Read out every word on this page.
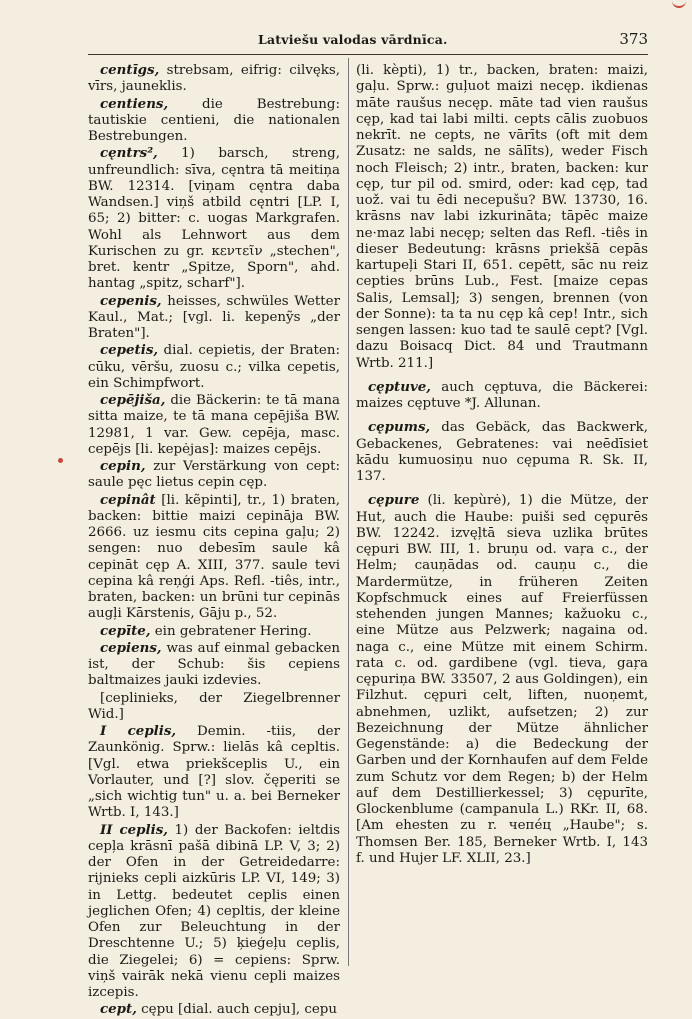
Latviešu valodas vārdnīca.	373

centīgs, strebsam, eifrig: cilvęks, vīrs, jauneklis.

centiens, die Bestrebung: tautiskie centieni, die nationalen Bestrebungen.

cęntrs², 1) barsch, streng, unfreundlich: sīva, cęntra tā meitiņa BW. 12314. [viņam cęntra daba Wandsen.] viņš atbild cęntri [LP. I, 65; 2) bitter: c. uogas Markgrafen. Wohl als Lehnwort aus dem Kurischen zu gr. κεντεῖν „stechen", bret. kentr „Spitze, Sporn", ahd. hantag „spitz, scharf"].

cepenis, heisses, schwüles Wetter Kaul., Mat.; [vgl. li. kepenỹs „der Braten"].

cepetis, dial. cepietis, der Braten: cūku, vēršu, zuosu c.; vilka cepetis, ein Schimpfwort.

cepējiša, die Bäckerin: te tā mana sitta maize, te tā mana cepējiša BW. 12981, 1 var. Gew. cepēja, masc. cepējs [li. kepėjas]: maizes cepējs.

cepin, zur Verstärkung von cept: saule pęc lietus cepin cęp.

cepinât [li. kẽpinti], tr., 1) braten, backen: bittie maizi cepināja BW. 2666. uz iesmu cits cepina gaļu; 2) sengen: nuo debesīm saule kâ cepināt cęp A. XIII, 377. saule tevi cepina kâ reņģi Aps. Refl. -tiês, intr., braten, backen: un brūni tur cepinās augļi Kārstenis, Gāju p., 52.

cepīte, ein gebratener Hering.

cepiens, was auf einmal gebacken ist, der Schub: šis cepiens baltmaizes jauki izdevies.

[ceplinieks, der Ziegelbrenner Wid.]

I ceplis, Demin. -tiis, der Zaunkönig. Sprw.: lielās kâ cepltis. [Vgl. etwa priekšceplis U., ein Vorlauter, und [?] slov. čęperiti se „sich wichtig tun" u. a. bei Berneker Wrtb. I, 143.]

II ceplis, 1) der Backofen: ieltdis cepļa krāsnī pašā dibinā LP. V, 3; 2) der Ofen in der Getreidedarre: rijnieks cepli aizkūris LP. VI, 149; 3) in Lettg. bedeutet ceplis einen jeglichen Ofen; 4) cepltis, der kleine Ofen zur Beleuchtung in der Dreschtenne U.; 5) ķieģeļu ceplis, die Ziegelei; 6) = cepiens: Sprw. viņš vairāk nekā vienu cepli maizes izcepis.

cept, cępu [dial. auch cepju], cepu

(li. kèpti), 1) tr., backen, braten: maizi, gaļu. Sprw.: guļuot maizi necęp. ikdienas māte raušus necęp. māte tad vien raušus cęp, kad tai labi milti. cepts cālis zuobuos nekrīt. ne cepts, ne vārīts (oft mit dem Zusatz: ne salds, ne sālīts), weder Fisch noch Fleisch; 2) intr., braten, backen: kur cęp, tur pil od. smird, oder: kad cęp, tad uož. vai tu ēdi necepušu? BW. 13730, 16. krāsns nav labi izkurināta; tāpēc maize ne·maz labi necęp; selten das Refl. -tiês in dieser Bedeutung: krāsns priekšā cepās kartupeļi Stari II, 651. cepētt, sāc nu reiz cepties brūns Lub., Fest. [maize cepas Salis, Lemsal]; 3) sengen, brennen (von der Sonne): ta ta nu cęp kâ cep! Intr., sich sengen lassen: kuo tad te saulē cept? [Vgl. dazu Boisacq Dict. 84 und Trautmann Wrtb. 211.]

cęptuve, auch cęptuva, die Bäckerei: maizes cęptuve *J. Allunan.

cępums, das Gebäck, das Backwerk, Gebackenes, Gebratenes: vai neēdīsiet kādu kumuosiņu nuo cępuma R. Sk. II, 137.

cępure (li. kepùrė), 1) die Mütze, der Hut, auch die Haube: puiši sed cępurēs BW. 12242. izvęļtā sieva uzlika brūtes cępuri BW. III, 1. bruņu od. vaŗa c., der Helm; cauņādas od. cauņu c., die Mardermütze, in früheren Zeiten Kopfschmuck eines auf Freierfüssen stehenden jungen Mannes; kažuoku c., eine Mütze aus Pelzwerk; nagaina od. naga c., eine Mütze mit einem Schirm. rata c. od. gardibene (vgl. tieva, gaŗa cępuriņa BW. 33507, 2 aus Goldingen), ein Filzhut. cępuri celt, liften, nuoņemt, abnehmen, uzlikt, aufsetzen; 2) zur Bezeichnung der Mütze ähnlicher Gegenstände: a) die Bedeckung der Garben und der Kornhaufen auf dem Felde zum Schutz vor dem Regen; b) der Helm auf dem Destillierkessel; 3) cępurīte, Glockenblume (campanula L.) RKr. II, 68. [Am ehesten zu r. чепéц „Haube"; s. Thomsen Ber. 185, Berneker Wrtb. I, 143 f. und Hujer LF. XLII, 23.]
